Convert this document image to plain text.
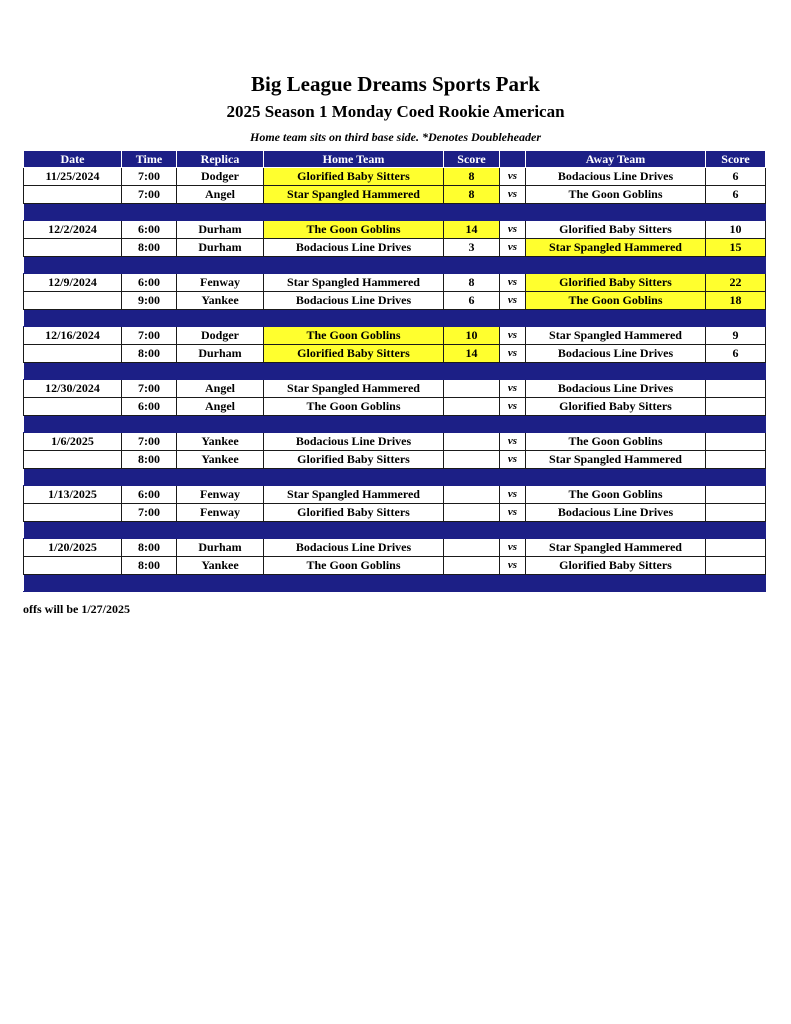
Big League Dreams Sports Park
2025 Season 1 Monday Coed Rookie American
Home team sits on third base side. *Denotes Doubleheader
Date	Time	Replica	Home Team	Score		Away Team	Score
11/25/2024	7:00	Dodger	Glorified Baby Sitters	8	vs	Bodacious Line Drives	6
	7:00	Angel	Star Spangled Hammered	8	vs	The Goon Goblins	6

12/2/2024	6:00	Durham	The Goon Goblins	14	vs	Glorified Baby Sitters	10
	8:00	Durham	Bodacious Line Drives	3	vs	Star Spangled Hammered	15

12/9/2024	6:00	Fenway	Star Spangled Hammered	8	vs	Glorified Baby Sitters	22
	9:00	Yankee	Bodacious Line Drives	6	vs	The Goon Goblins	18

12/16/2024	7:00	Dodger	The Goon Goblins	10	vs	Star Spangled Hammered	9
	8:00	Durham	Glorified Baby Sitters	14	vs	Bodacious Line Drives	6

12/30/2024	7:00	Angel	Star Spangled Hammered		vs	Bodacious Line Drives	
	6:00	Angel	The Goon Goblins		vs	Glorified Baby Sitters	

1/6/2025	7:00	Yankee	Bodacious Line Drives		vs	The Goon Goblins	
	8:00	Yankee	Glorified Baby Sitters		vs	Star Spangled Hammered	

1/13/2025	6:00	Fenway	Star Spangled Hammered		vs	The Goon Goblins	
	7:00	Fenway	Glorified Baby Sitters		vs	Bodacious Line Drives	

1/20/2025	8:00	Durham	Bodacious Line Drives		vs	Star Spangled Hammered	
	8:00	Yankee	The Goon Goblins		vs	Glorified Baby Sitters	

offs will be 1/27/2025
